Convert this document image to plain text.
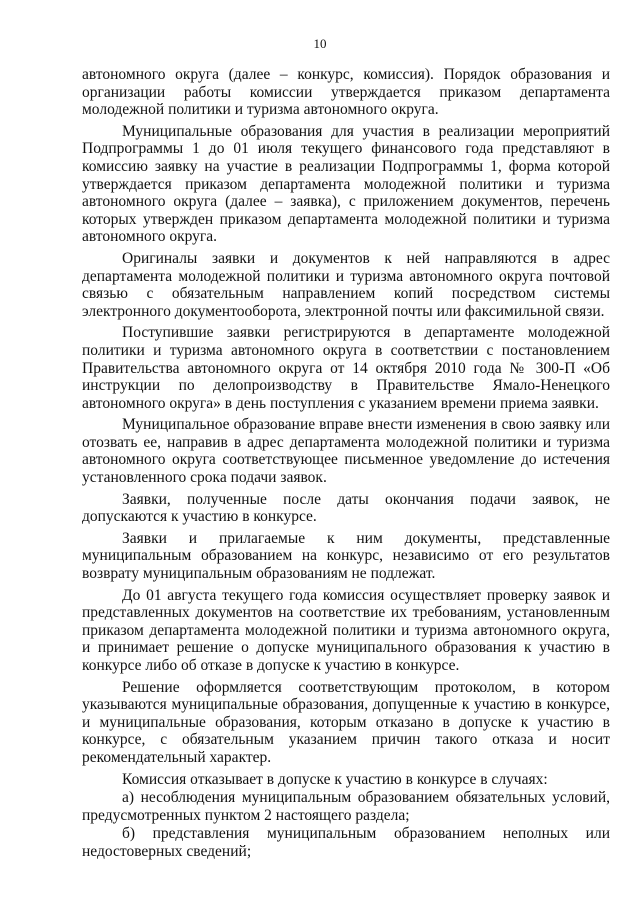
10

автономного округа (далее – конкурс, комиссия). Порядок образования и организации работы комиссии утверждается приказом департамента молодежной политики и туризма автономного округа.

Муниципальные образования для участия в реализации мероприятий Подпрограммы 1 до 01 июля текущего финансового года представляют в комиссию заявку на участие в реализации Подпрограммы 1, форма которой утверждается приказом департамента молодежной политики и туризма автономного округа (далее – заявка), с приложением документов, перечень которых утвержден приказом департамента молодежной политики и туризма автономного округа.

Оригиналы заявки и документов к ней направляются в адрес департамента молодежной политики и туризма автономного округа почтовой связью с обязательным направлением копий посредством системы электронного документооборота, электронной почты или факсимильной связи.

Поступившие заявки регистрируются в департаменте молодежной политики и туризма автономного округа в соответствии с постановлением Правительства автономного округа от 14 октября 2010 года № 300-П «Об инструкции по делопроизводству в Правительстве Ямало-Ненецкого автономного округа» в день поступления с указанием времени приема заявки.

Муниципальное образование вправе внести изменения в свою заявку или отозвать ее, направив в адрес департамента молодежной политики и туризма автономного округа соответствующее письменное уведомление до истечения установленного срока подачи заявок.

Заявки, полученные после даты окончания подачи заявок, не допускаются к участию в конкурсе.

Заявки и прилагаемые к ним документы, представленные муниципальным образованием на конкурс, независимо от его результатов возврату муниципальным образованиям не подлежат.

До 01 августа текущего года комиссия осуществляет проверку заявок и представленных документов на соответствие их требованиям, установленным приказом департамента молодежной политики и туризма автономного округа, и принимает решение о допуске муниципального образования к участию в конкурсе либо об отказе в допуске к участию в конкурсе.

Решение оформляется соответствующим протоколом, в котором указываются муниципальные образования, допущенные к участию в конкурсе, и муниципальные образования, которым отказано в допуске к участию в конкурсе, с обязательным указанием причин такого отказа и носит рекомендательный характер.

Комиссия отказывает в допуске к участию в конкурсе в случаях:

а) несоблюдения муниципальным образованием обязательных условий, предусмотренных пунктом 2 настоящего раздела;

б) представления муниципальным образованием неполных или недостоверных сведений;
